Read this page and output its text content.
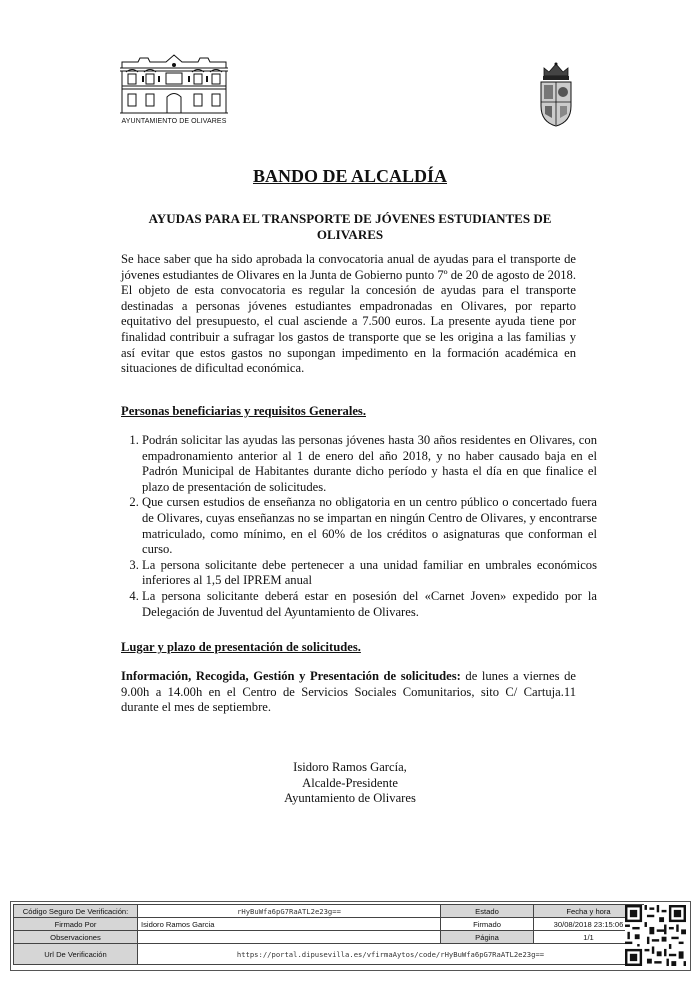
AYUNTAMIENTO DE OLIVARES
BANDO DE ALCALDÍA
AYUDAS PARA EL TRANSPORTE DE JÓVENES ESTUDIANTES DE OLIVARES
Se hace saber que ha sido aprobada la convocatoria anual de ayudas para el transporte de jóvenes estudiantes de Olivares en la Junta de Gobierno punto 7º de 20 de agosto de 2018. El objeto de esta convocatoria es regular la concesión de ayudas para el transporte destinadas a personas jóvenes estudiantes empadronadas en Olivares, por reparto equitativo del presupuesto, el cual asciende a 7.500 euros. La presente ayuda tiene por finalidad contribuir a sufragar los gastos de transporte que se les origina a las familias y así evitar que estos gastos no supongan impedimento en la formación académica en situaciones de dificultad económica.
Personas beneficiarias y requisitos Generales.
1. Podrán solicitar las ayudas las personas jóvenes hasta 30 años residentes en Olivares, con empadronamiento anterior al 1 de enero del año 2018, y no haber causado baja en el Padrón Municipal de Habitantes durante dicho período y hasta el día en que finalice el plazo de presentación de solicitudes.
2. Que cursen estudios de enseñanza no obligatoria en un centro público o concertado fuera de Olivares, cuyas enseñanzas no se impartan en ningún Centro de Olivares, y encontrarse matriculado, como mínimo, en el 60% de los créditos o asignaturas que conforman el curso.
3. La persona solicitante debe pertenecer a una unidad familiar en umbrales económicos inferiores al 1,5 del IPREM anual
4. La persona solicitante deberá estar en posesión del «Carnet Joven» expedido por la Delegación de Juventud del Ayuntamiento de Olivares.
Lugar y plazo de presentación de solicitudes.
Información, Recogida, Gestión y Presentación de solicitudes: de lunes a viernes de 9.00h a 14.00h en el Centro de Servicios Sociales Comunitarios, sito C/ Cartuja.11 durante el mes de septiembre.
Isidoro Ramos García,
Alcalde-Presidente
Ayuntamiento de Olivares
Código Seguro De Verificación:	rHyBuWfa6pG7RaATL2e23g==	Estado	Fecha y hora
Firmado Por	Isidoro Ramos Garcia	Firmado	30/08/2018 23:15:06
Observaciones		Página	1/1
Url De Verificación	https://portal.dipusevilla.es/vfirmaAytos/code/rHyBuWfa6pG7RaATL2e23g==		
